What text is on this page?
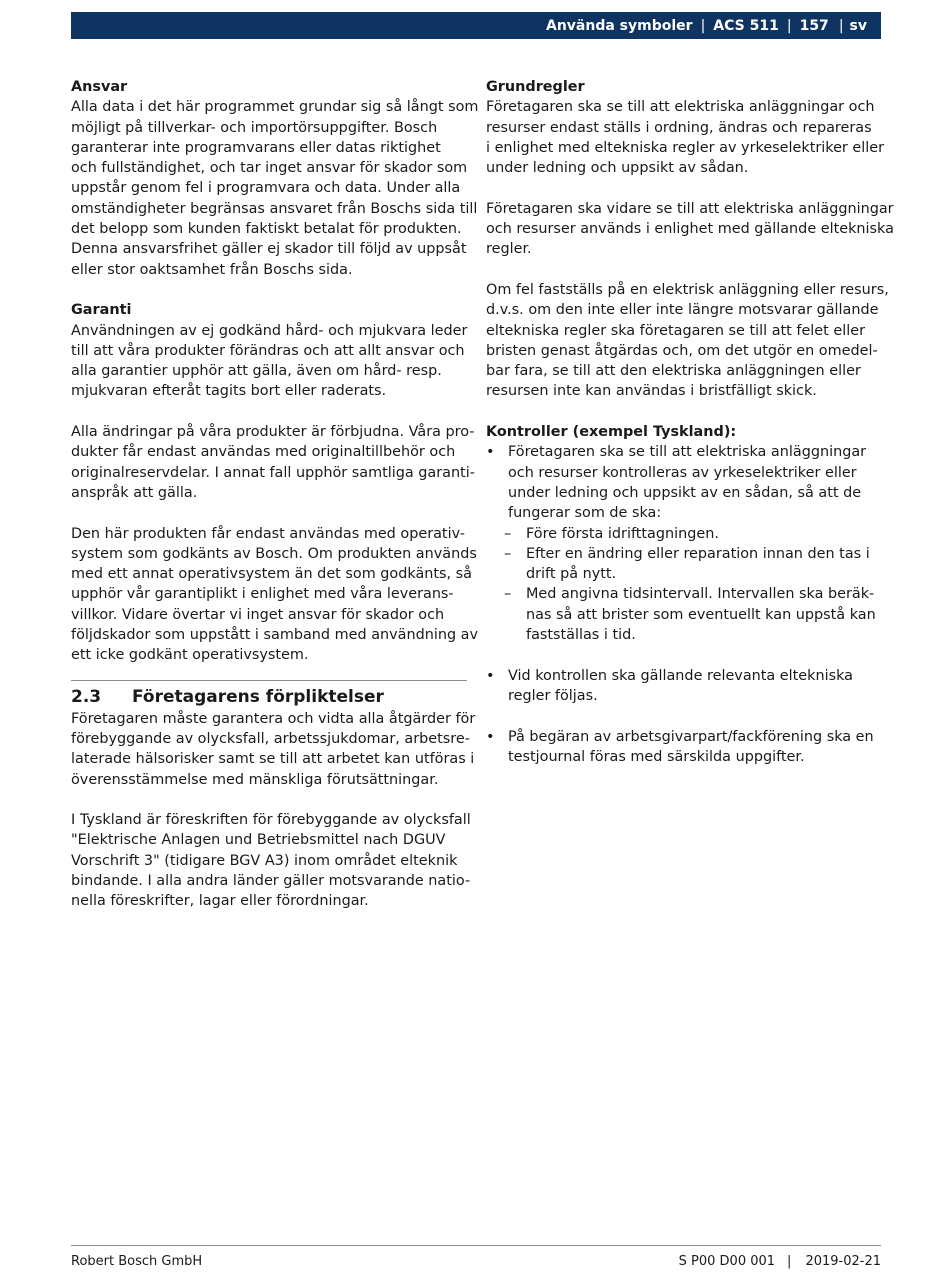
Använda symboler | ACS 511 | 157 | sv
Ansvar
Alla data i det här programmet grundar sig så långt som
möjligt på tillverkar- och importörsuppgifter. Bosch
garanterar inte programvarans eller datas riktighet
och fullständighet, och tar inget ansvar för skador som
uppstår genom fel i programvara och data. Under alla
omständigheter begränsas ansvaret från Boschs sida till
det belopp som kunden faktiskt betalat för produkten.
Denna ansvarsfrihet gäller ej skador till följd av uppsåt
eller stor oaktsamhet från Boschs sida.
Garanti
Användningen av ej godkänd hård- och mjukvara leder
till att våra produkter förändras och att allt ansvar och
alla garantier upphör att gälla, även om hård- resp.
mjukvaran efteråt tagits bort eller raderats.
Alla ändringar på våra produkter är förbjudna. Våra pro-
dukter får endast användas med originaltillbehör och
originalreservdelar. I annat fall upphör samtliga garanti-
anspråk att gälla.
Den här produkten får endast användas med operativ-
system som godkänts av Bosch. Om produkten används
med ett annat operativsystem än det som godkänts, så
upphör vår garantiplikt i enlighet med våra leverans-
villkor. Vidare övertar vi inget ansvar för skador och
följdskador som uppstått i samband med användning av
ett icke godkänt operativsystem.
2.3	Företagarens förpliktelser
Företagaren måste garantera och vidta alla åtgärder för
förebyggande av olycksfall, arbetssjukdomar, arbetsre-
laterade hälsorisker samt se till att arbetet kan utföras i
överensstämmelse med mänskliga förutsättningar.
I Tyskland är föreskriften för förebyggande av olycksfall
"Elektrische Anlagen und Betriebsmittel nach DGUV
Vorschrift 3" (tidigare BGV A3) inom området elteknik
bindande. I alla andra länder gäller motsvarande natio-
nella föreskrifter, lagar eller förordningar.
Grundregler
Företagaren ska se till att elektriska anläggningar och
resurser endast ställs i ordning, ändras och repareras
i enlighet med eltekniska regler av yrkeselektriker eller
under ledning och uppsikt av sådan.
Företagaren ska vidare se till att elektriska anläggningar
och resurser används i enlighet med gällande eltekniska
regler.
Om fel fastställs på en elektrisk anläggning eller resurs,
d.v.s. om den inte eller inte längre motsvarar gällande
eltekniska regler ska företagaren se till att felet eller
bristen genast åtgärdas och, om det utgör en omedel-
bar fara, se till att den elektriska anläggningen eller
resursen inte kan användas i bristfälligt skick.
Kontroller (exempel Tyskland):
• Företagaren ska se till att elektriska anläggningar
och resurser kontrolleras av yrkeselektriker eller
under ledning och uppsikt av en sådan, så att de
fungerar som de ska:
– Före första idrifttagningen.
– Efter en ändring eller reparation innan den tas i
drift på nytt.
– Med angivna tidsintervall. Intervallen ska beräk-
nas så att brister som eventuellt kan uppstå kan
fastställas i tid.
• Vid kontrollen ska gällande relevanta eltekniska
regler följas.
• På begäran av arbetsgivarpart/fackförening ska en
testjournal föras med särskilda uppgifter.
Robert Bosch GmbH	S P00 D00 001 | 2019-02-21
